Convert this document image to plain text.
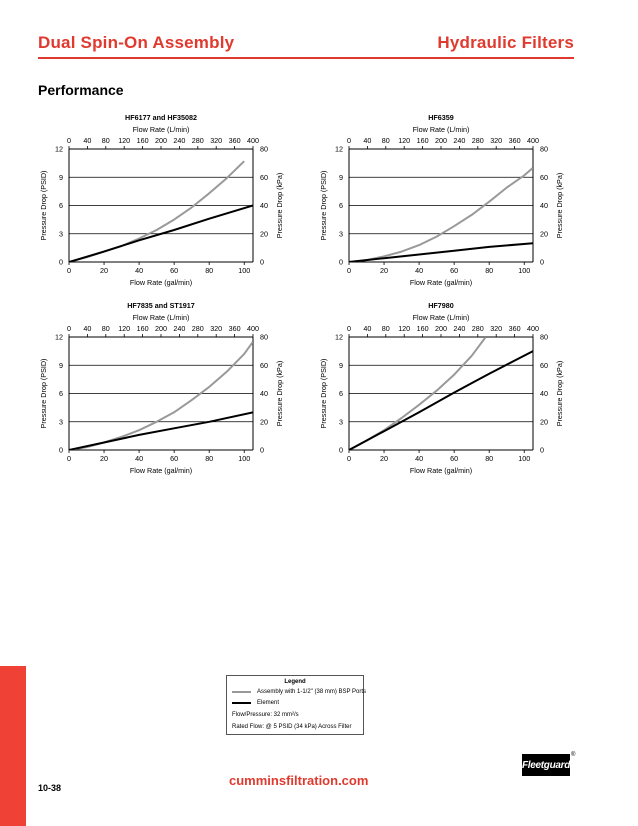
Dual Spin-On Assembly	Hydraulic Filters
Performance
HF6177 and HF35082
Flow Rate (L/min)
0
3
6
9
12
0
20
40
60
80
0	20	40	60	80	100
0 40 80 120 160 200 240 280 320 360 400
Flow Rate (gal/min)
Pressure Drop (PSID)	Pressure Drop (kPa)
HF6359
Flow Rate (L/min)
0
3
6
9
12
0
20
40
60
80
0	20	40	60	80	100
0 40 80 120 160 200 240 280 320 360 400
Flow Rate (gal/min)
Pressure Drop (PSID)	Pressure Drop (kPa)
HF7835 and ST1917
Flow Rate (L/min)
0
3
6
9
12
0
20
40
60
80
0	20	40	60	80	100
0 40 80 120 160 200 240 280 320 360 400
Flow Rate (gal/min)
Pressure Drop (PSID)	Pressure Drop (kPa)
HF7980
Flow Rate (L/min)
0
3
6
9
12
0
20
40
60
80
0	20	40	60	80	100
0 40 80 120 160 200 240 280 320 360 400
Flow Rate (gal/min)
Pressure Drop (PSID)	Pressure Drop (kPa)
Legend
Assembly with 1-1/2" (38 mm) BSP Ports
Element
Flow/Pressure: 32 mm²/s
Rated Flow: @ 5 PSID (34 kPa) Across Filter
10-38	cumminsfiltration.com
Fleetguard
®
